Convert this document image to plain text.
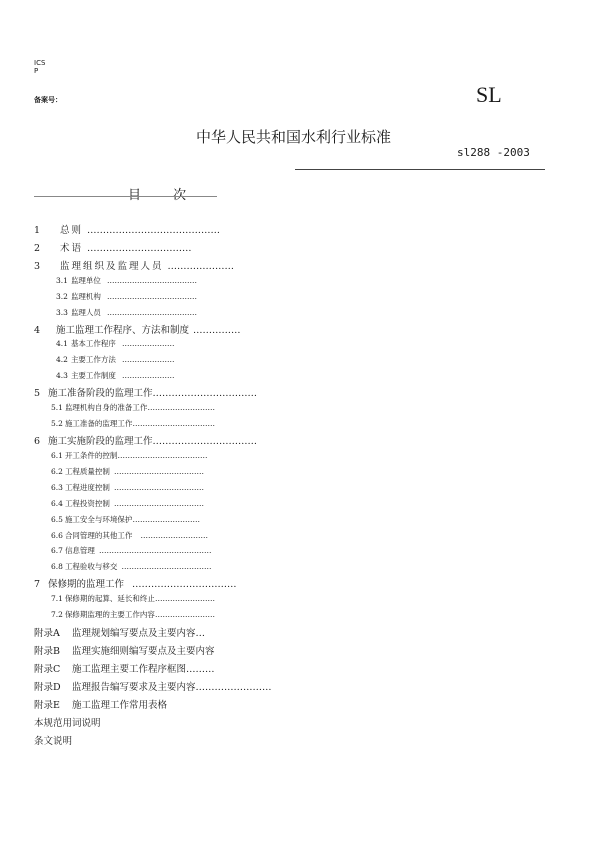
ICS
P
备案号：	SL
中华人民共和国水利行业标准
sl288 -2003
目 次
1 总则 ……………………………………
2 术语 ……………………………
3 监理组织及监理人员 …………………
3.1 监理单位 ………………………………
3.2 监理机构 ………………………………
3.3 监理人员 ………………………………
4 施工监理工作程序、方法和制度 ……………
4.1 基本工作程序 …………………
4.2 主要工作方法 …………………
4.3 主要工作制度 …………………
5 施工准备阶段的监理工作……………………………
5.1 监理机构自身的准备工作………………………
5.2 施工准备的监理工作……………………………
6 施工实施阶段的监理工作……………………………
6.1 开工条件的控制………………………………
6.2 工程质量控制 ………………………………
6.3 工程进度控制 ………………………………
6.4 工程投资控制 ………………………………
6.5 施工安全与环境保护………………………
6.6 合同管理的其他工作 ………………………
6.7 信息管理 ………………………………………
6.8 工程验收与移交 ………………………………
7 保修期的监理工作 ……………………………
7.1 保修期的起算、延长和终止……………………
7.2 保修期监理的主要工作内容……………………
附录A 监理规划编写要点及主要内容…
附录B 监理实施细则编写要点及主要内容
附录C 施工监理主要工作程序框图………
附录D 监理报告编写要求及主要内容……………………
附录E 施工监理工作常用表格
本规范用词说明
条文说明
